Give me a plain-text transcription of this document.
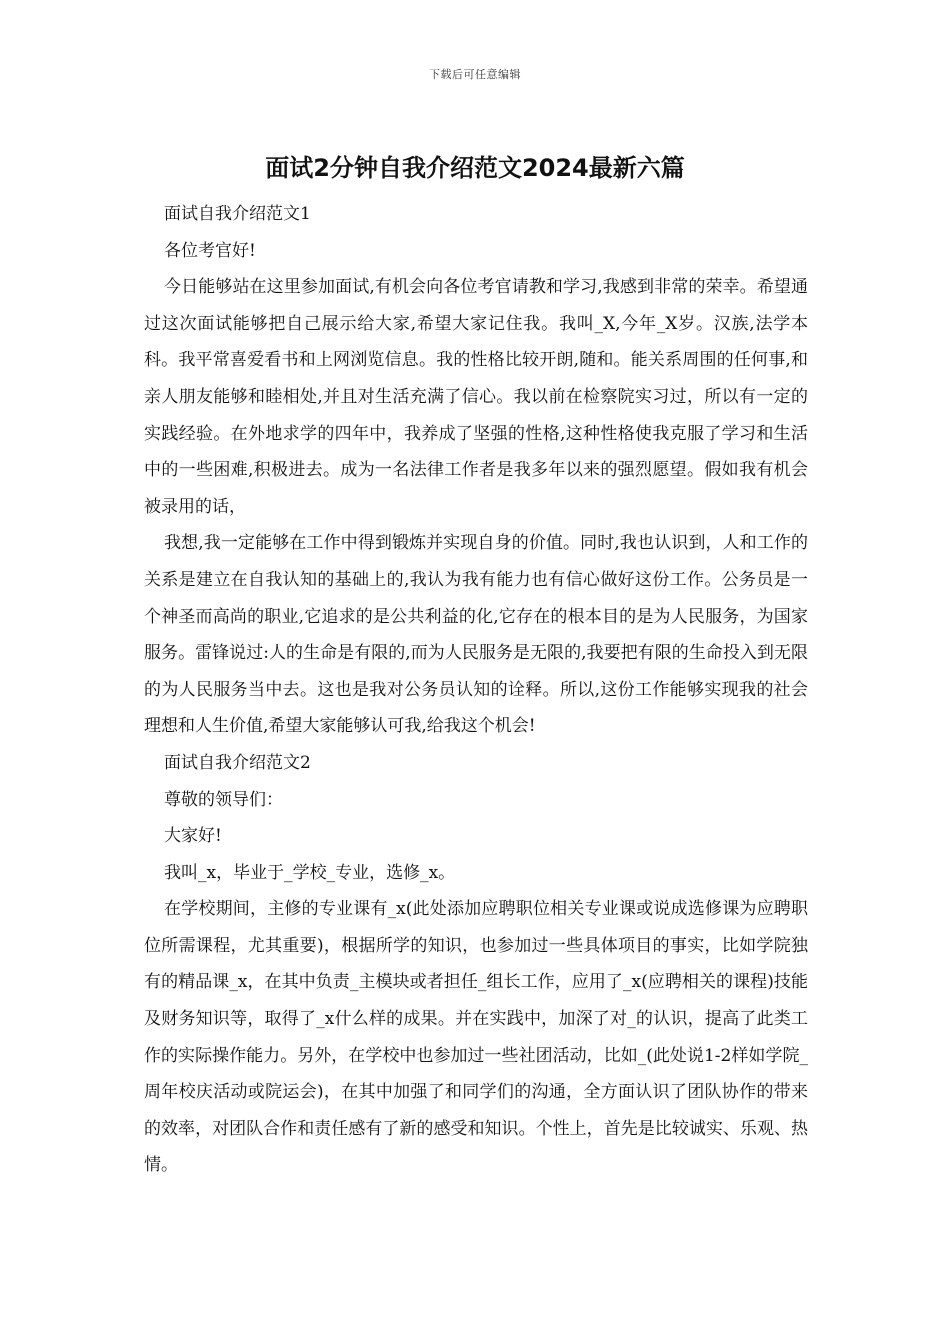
下载后可任意编辑
面试2分钟自我介绍范文2024最新六篇

面试自我介绍范文1

各位考官好!

今日能够站在这里参加面试,有机会向各位考官请教和学习,我感到非常的荣幸。希望通过这次面试能够把自己展示给大家,希望大家记住我。我叫_X,今年_X岁。汉族,法学本科。我平常喜爱看书和上网浏览信息。我的性格比较开朗,随和。能关系周围的任何事,和亲人朋友能够和睦相处,并且对生活充满了信心。我以前在检察院实习过，所以有一定的实践经验。在外地求学的四年中，我养成了坚强的性格,这种性格使我克服了学习和生活中的一些困难,积极进去。成为一名法律工作者是我多年以来的强烈愿望。假如我有机会被录用的话，

我想,我一定能够在工作中得到锻炼并实现自身的价值。同时,我也认识到，人和工作的关系是建立在自我认知的基础上的,我认为我有能力也有信心做好这份工作。公务员是一个神圣而高尚的职业,它追求的是公共利益的化,它存在的根本目的是为人民服务，为国家服务。雷锋说过:人的生命是有限的,而为人民服务是无限的,我要把有限的生命投入到无限的为人民服务当中去。这也是我对公务员认知的诠释。所以,这份工作能够实现我的社会理想和人生价值,希望大家能够认可我,给我这个机会!

面试自我介绍范文2

尊敬的领导们：

大家好!

我叫_x，毕业于_学校_专业，选修_x。

在学校期间，主修的专业课有_x(此处添加应聘职位相关专业课或说成选修课为应聘职位所需课程，尤其重要)，根据所学的知识，也参加过一些具体项目的事实，比如学院独有的精品课_x，在其中负责_主模块或者担任_组长工作，应用了_x(应聘相关的课程)技能及财务知识等，取得了_x什么样的成果。并在实践中，加深了对_的认识，提高了此类工作的实际操作能力。另外，在学校中也参加过一些社团活动，比如_(此处说1-2样如学院_周年校庆活动或院运会)，在其中加强了和同学们的沟通，全方面认识了团队协作的带来的效率，对团队合作和责任感有了新的感受和知识。个性上，首先是比较诚实、乐观、热情。
